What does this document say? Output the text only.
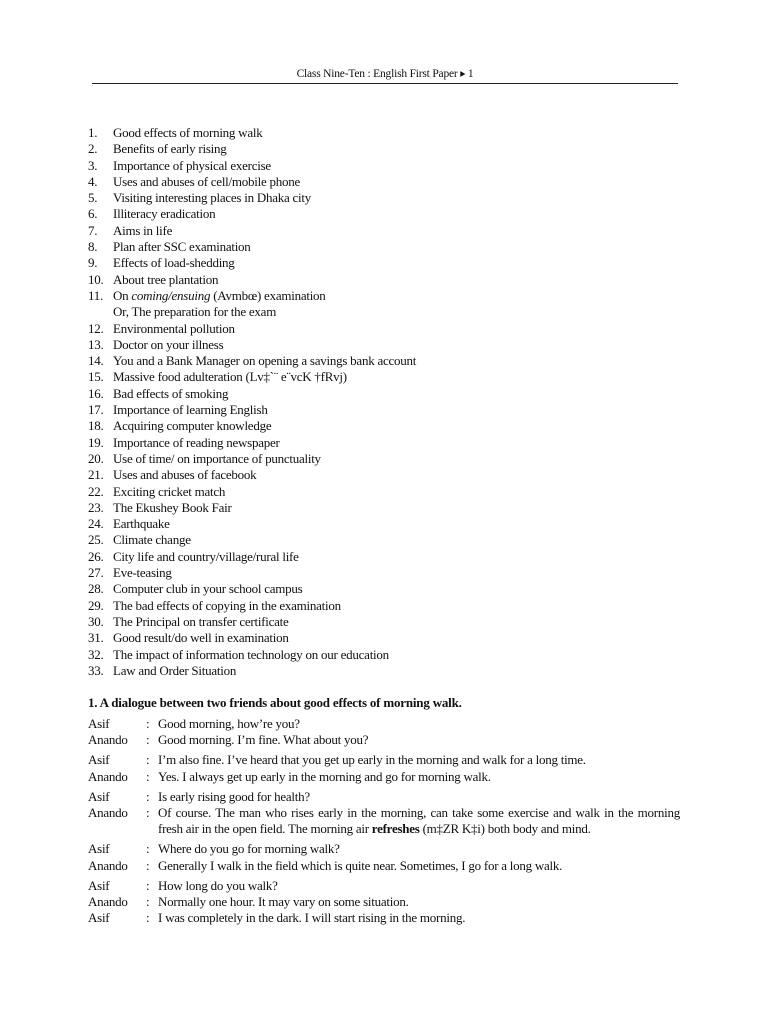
Class Nine-Ten : English First Paper ▸ 1
1.	Good effects of morning walk
2.	Benefits of early rising
3.	Importance of physical exercise
4.	Uses and abuses of cell/mobile phone
5.	Visiting interesting places in Dhaka city
6.	Illiteracy eradication
7.	Aims in life
8.	Plan after SSC examination
9.	Effects of load-shedding
10. About tree plantation
11. On coming/ensuing (Avmbœ) examination
Or, The preparation for the exam
12. Environmental pollution
13. Doctor on your illness
14. You and a Bank Manager on opening a savings bank account
15. Massive food adulteration (Lv‡`¨ e¨vcK †fRvj)
16. Bad effects of smoking
17. Importance of learning English
18. Acquiring computer knowledge
19. Importance of reading newspaper
20. Use of time/ on importance of punctuality
21. Uses and abuses of facebook
22. Exciting cricket match
23. The Ekushey Book Fair
24. Earthquake
25. Climate change
26. City life and country/village/rural life
27. Eve-teasing
28. Computer club in your school campus
29. The bad effects of copying in the examination
30. The Principal on transfer certificate
31. Good result/do well in examination
32. The impact of information technology on our education
33. Law and Order Situation
1. A dialogue between two friends about good effects of morning walk.
Asif	: Good morning, how’re you?
Anando	: Good morning. I’m fine. What about you?
Asif	: I’m also fine. I’ve heard that you get up early in the morning and walk for a long time.
Anando	: Yes. I always get up early in the morning and go for morning walk.
Asif	: Is early rising good for health?
Anando	: Of course. The man who rises early in the morning, can take some exercise and walk in the morning fresh air in the open field. The morning air refreshes (m‡ZR K‡i) both body and mind.
Asif	: Where do you go for morning walk?
Anando	: Generally I walk in the field which is quite near. Sometimes, I go for a long walk.
Asif	: How long do you walk?
Anando	: Normally one hour. It may vary on some situation.
Asif	: I was completely in the dark. I will start rising in the morning.
